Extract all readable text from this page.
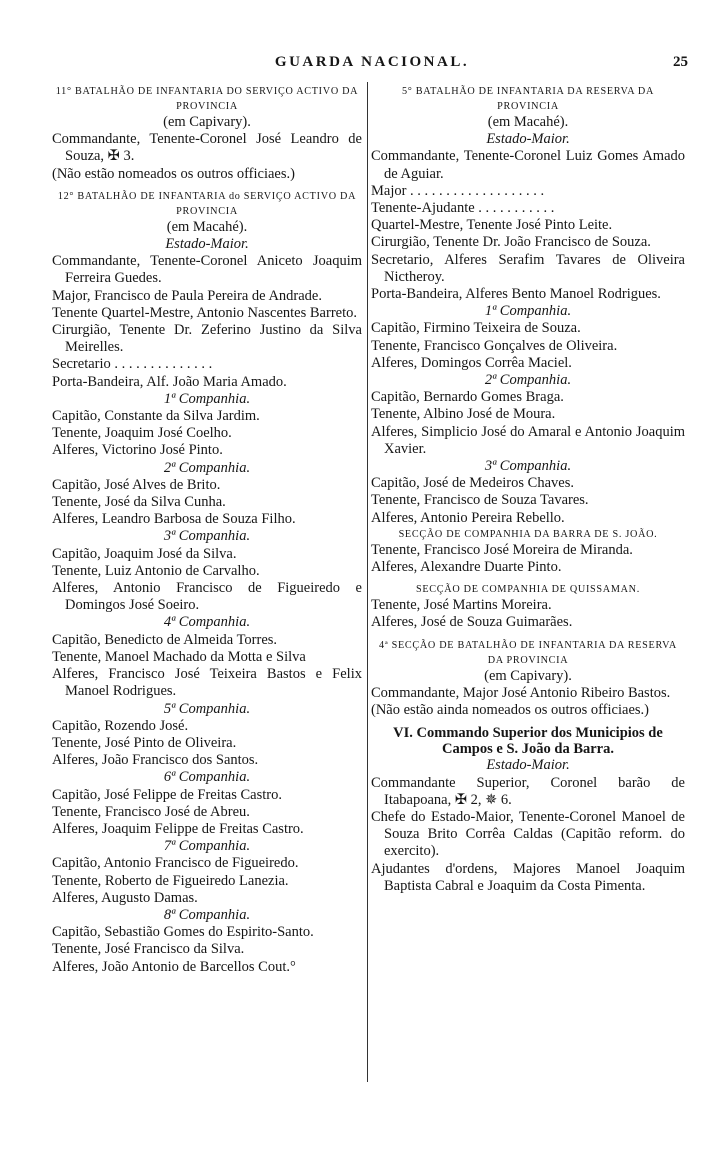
GUARDA NACIONAL.	25

11° BATALHÃO DE INFANTARIA DO SERVIÇO ACTIVO DA PROVINCIA

(em Capivary).

Commandante, Tenente-Coronel José Leandro de Souza, ✠ 3.

(Não estão nomeados os outros officiaes.)

12° BATALHÃO DE INFANTARIA do SERVIÇO ACTIVO DA PROVINCIA

(em Macahé).

Estado-Maior.

Commandante, Tenente-Coronel Aniceto Joaquim Ferreira Guedes.

Major, Francisco de Paula Pereira de Andrade.

Tenente Quartel-Mestre, Antonio Nascentes Barreto.

Cirurgião, Tenente Dr. Zeferino Justino da Silva Meirelles.

Secretario . . . . . . . . . . . . . .

Porta-Bandeira, Alf. João Maria Amado.

1ª Companhia.

Capitão, Constante da Silva Jardim.

Tenente, Joaquim José Coelho.

Alferes, Victorino José Pinto.

2ª Companhia.

Capitão, José Alves de Brito.

Tenente, José da Silva Cunha.

Alferes, Leandro Barbosa de Souza Filho.

3ª Companhia.

Capitão, Joaquim José da Silva.

Tenente, Luiz Antonio de Carvalho.

Alferes, Antonio Francisco de Figueiredo e Domingos José Soeiro.

4ª Companhia.

Capitão, Benedicto de Almeida Torres.

Tenente, Manoel Machado da Motta e Silva

Alferes, Francisco José Teixeira Bastos e Felix Manoel Rodrigues.

5ª Companhia.

Capitão, Rozendo José.

Tenente, José Pinto de Oliveira.

Alferes, João Francisco dos Santos.

6ª Companhia.

Capitão, José Felippe de Freitas Castro.

Tenente, Francisco José de Abreu.

Alferes, Joaquim Felippe de Freitas Castro.

7ª Companhia.

Capitão, Antonio Francisco de Figueiredo.

Tenente, Roberto de Figueiredo Lanezia.

Alferes, Augusto Damas.

8ª Companhia.

Capitão, Sebastião Gomes do Espirito-Santo.

Tenente, José Francisco da Silva.

Alferes, João Antonio de Barcellos Cout.°

5° BATALHÃO DE INFANTARIA DA RESERVA DA PROVINCIA

(em Macahé).

Estado-Maior.

Commandante, Tenente-Coronel Luiz Gomes Amado de Aguiar.

Major . . . . . . . . . . . . . . . . . . .

Tenente-Ajudante . . . . . . . . . . .

Quartel-Mestre, Tenente José Pinto Leite.

Cirurgião, Tenente Dr. João Francisco de Souza.

Secretario, Alferes Serafim Tavares de Oliveira Nictheroy.

Porta-Bandeira, Alferes Bento Manoel Rodrigues.

1ª Companhia.

Capitão, Firmino Teixeira de Souza.

Tenente, Francisco Gonçalves de Oliveira.

Alferes, Domingos Corrêa Maciel.

2ª Companhia.

Capitão, Bernardo Gomes Braga.

Tenente, Albino José de Moura.

Alferes, Simplicio José do Amaral e Antonio Joaquim Xavier.

3ª Companhia.

Capitão, José de Medeiros Chaves.

Tenente, Francisco de Souza Tavares.

Alferes, Antonio Pereira Rebello.

SECÇÃO DE COMPANHIA DA BARRA DE S. JOÃO.

Tenente, Francisco José Moreira de Miranda.

Alferes, Alexandre Duarte Pinto.

SECÇÃO DE COMPANHIA DE QUISSAMAN.

Tenente, José Martins Moreira.

Alferes, José de Souza Guimarães.

4ª SECÇÃO DE BATALHÃO DE INFANTARIA DA RESERVA DA PROVINCIA

(em Capivary).

Commandante, Major José Antonio Ribeiro Bastos.

(Não estão ainda nomeados os outros officiaes.)

VI. Commando Superior dos Municipios de Campos e S. João da Barra.

Estado-Maior.

Commandante Superior, Coronel barão de Itabapoana, ✠ 2, ✵ 6.

Chefe do Estado-Maior, Tenente-Coronel Manoel de Souza Brito Corrêa Caldas (Capitão reform. do exercito).

Ajudantes d'ordens, Majores Manoel Joaquim Baptista Cabral e Joaquim da Costa Pimenta.
